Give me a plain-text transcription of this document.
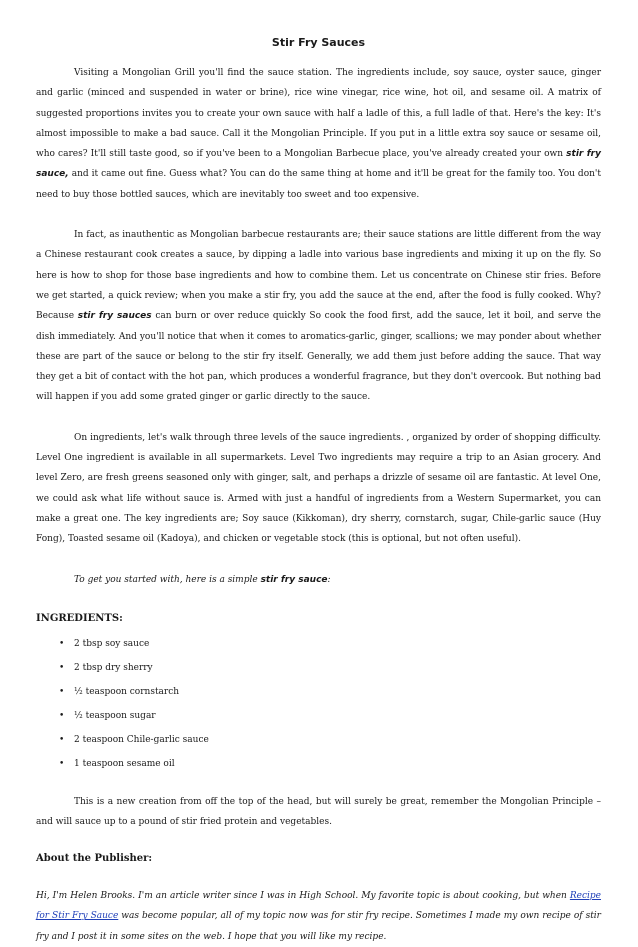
Stir Fry Sauces

Visiting a Mongolian Grill you'll find the sauce station. The ingredients include, soy sauce, oyster sauce, ginger and garlic (minced and suspended in water or brine), rice wine vinegar, rice wine, hot oil, and sesame oil. A matrix of suggested proportions invites you to create your own sauce with half a ladle of this, a full ladle of that. Here's the key: It's almost impossible to make a bad sauce. Call it the Mongolian Principle. If you put in a little extra soy sauce or sesame oil, who cares? It'll still taste good, so if you've been to a Mongolian Barbecue place, you've already created your own stir fry sauce, and it came out fine. Guess what? You can do the same thing at home and it'll be great for the family too. You don't need to buy those bottled sauces, which are inevitably too sweet and too expensive.

In fact, as inauthentic as Mongolian barbecue restaurants are; their sauce stations are little different from the way a Chinese restaurant cook creates a sauce, by dipping a ladle into various base ingredients and mixing it up on the fly. So here is how to shop for those base ingredients and how to combine them. Let us concentrate on Chinese stir fries. Before we get started, a quick review; when you make a stir fry, you add the sauce at the end, after the food is fully cooked. Why? Because stir fry sauces can burn or over reduce quickly So cook the food first, add the sauce, let it boil, and serve the dish immediately. And you'll notice that when it comes to aromatics-garlic, ginger, scallions; we may ponder about whether these are part of the sauce or belong to the stir fry itself. Generally, we add them just before adding the sauce. That way they get a bit of contact with the hot pan, which produces a wonderful fragrance, but they don't overcook. But nothing bad will happen if you add some grated ginger or garlic directly to the sauce.

On ingredients, let's walk through three levels of the sauce ingredients. , organized by order of shopping difficulty. Level One ingredient is available in all supermarkets. Level Two ingredients may require a trip to an Asian grocery. And level Zero, are fresh greens seasoned only with ginger, salt, and perhaps a drizzle of sesame oil are fantastic. At level One, we could ask what life without sauce is. Armed with just a handful of ingredients from a Western Supermarket, you can make a great one. The key ingredients are; Soy sauce (Kikkoman), dry sherry, cornstarch, sugar, Chile-garlic sauce (Huy Fong), Toasted sesame oil (Kadoya), and chicken or vegetable stock (this is optional, but not often useful).

To get you started with, here is a simple stir fry sauce:

INGREDIENTS:
• 2 tbsp soy sauce
• 2 tbsp dry sherry
• ½ teaspoon cornstarch
• ½ teaspoon sugar
• 2 teaspoon Chile-garlic sauce
• 1 teaspoon sesame oil

This is a new creation from off the top of the head, but will surely be great, remember the Mongolian Principle – and will sauce up to a pound of stir fried protein and vegetables.

About the Publisher:

Hi, I'm Helen Brooks. I'm an article writer since I was in High School. My favorite topic is about cooking, but when Recipe for Stir Fry Sauce was become popular, all of my topic now was for stir fry recipe. Sometimes I made my own recipe of stir fry and I post it in some sites on the web. I hope that you will like my recipe.
